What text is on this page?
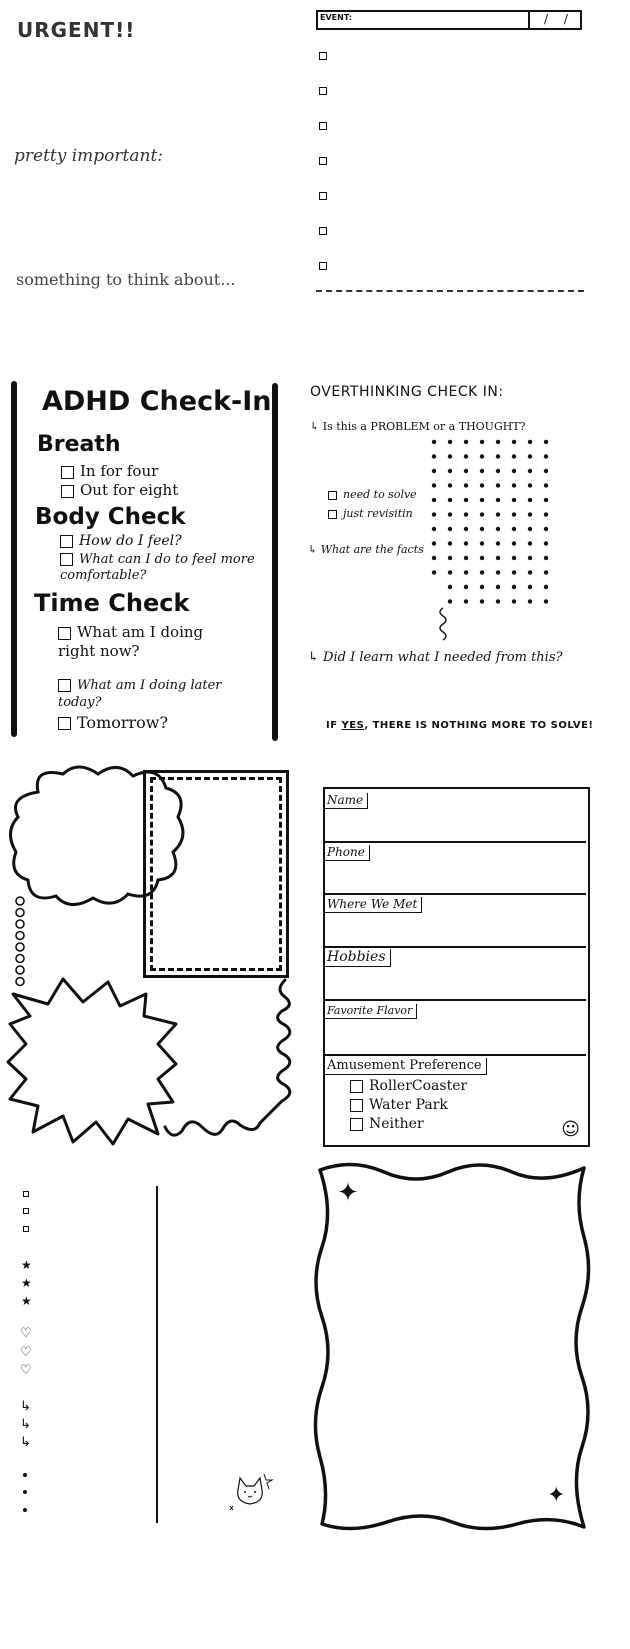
URGENT!!
pretty important:
something to think about...
EVENT:	/ /
ADHD Check-In
Breath
In for four
Out for eight
Body Check
How do I feel?
What can I do to feel more comfortable?
Time Check
What am I doing right now?
What am I doing later today?
Tomorrow?
OVERTHINKING CHECK IN:
↳ Is this a PROBLEM or a THOUGHT?
need to solve
just revisitin
↳ What are the facts
↳ Did I learn what I needed from this?
IF YES, THERE IS NOTHING MORE TO SOLVE!
Name
Phone
Where We Met
Hobbies
Favorite Flavor
Amusement Preference
RollerCoaster
Water Park
Neither	☺
★
★
★
♡
♡
♡
↳
↳
↳
✦
✦
